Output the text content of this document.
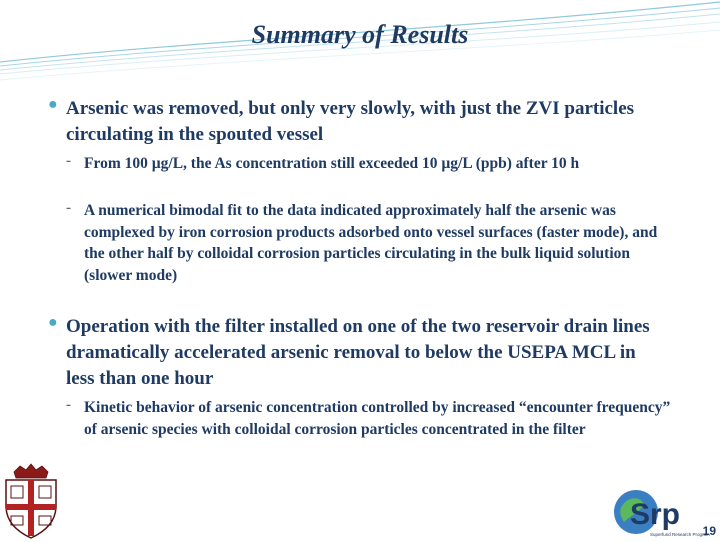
Summary of Results
● Arsenic was removed, but only very slowly, with just the ZVI particles circulating in the spouted vessel
- From 100 µg/L, the As concentration still exceeded 10 µg/L (ppb) after 10 h
- A numerical bimodal fit to the data indicated approximately half the arsenic was complexed by iron corrosion products adsorbed onto vessel surfaces (faster mode), and the other half by colloidal corrosion particles circulating in the bulk liquid solution (slower mode)
● Operation with the filter installed on one of the two reservoir drain lines dramatically accelerated arsenic removal to below the USEPA MCL in less than one hour
- Kinetic behavior of arsenic concentration controlled by increased “encounter frequency” of arsenic species with colloidal corrosion particles concentrated in the filter
Srp
Superfund Research Program
19
